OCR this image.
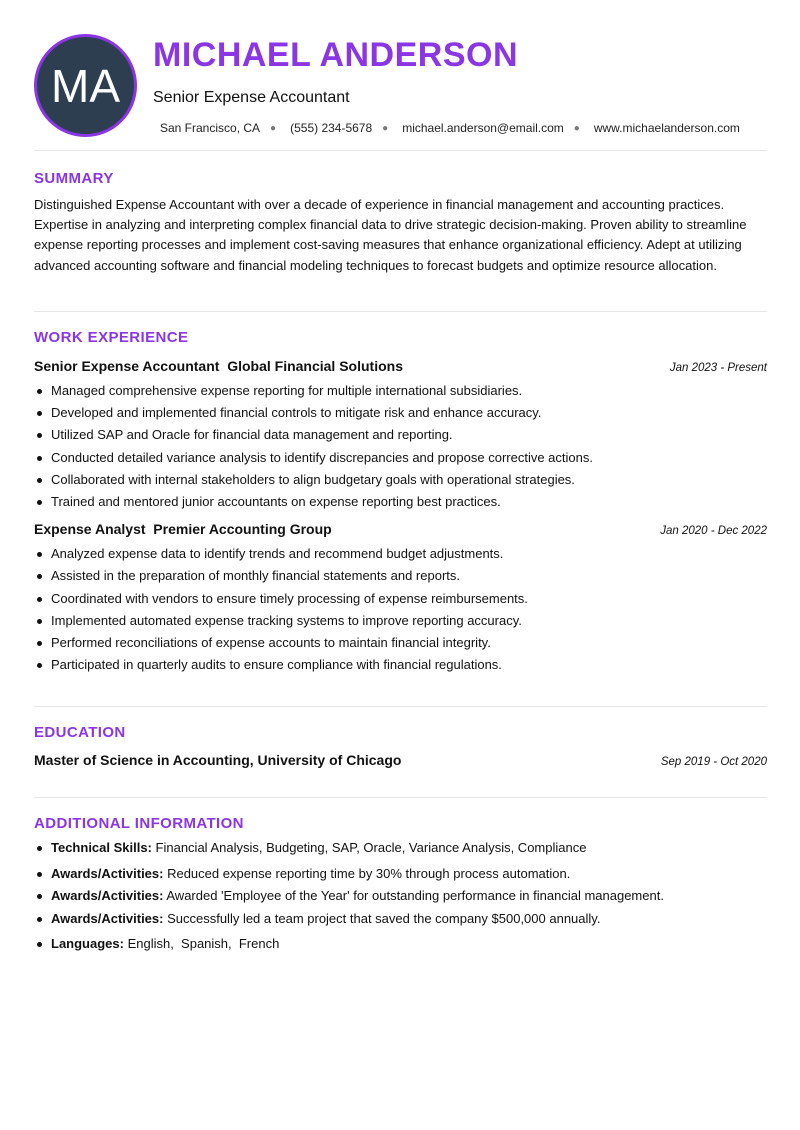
MA
MICHAEL ANDERSON
Senior Expense Accountant
San Francisco, CA ● (555) 234-5678 ● michael.anderson@email.com ● www.michaelanderson.com
SUMMARY

Distinguished Expense Accountant with over a decade of experience in financial management and accounting practices. Expertise in analyzing and interpreting complex financial data to drive strategic decision-making. Proven ability to streamline expense reporting processes and implement cost-saving measures that enhance organizational efficiency. Adept at utilizing advanced accounting software and financial modeling techniques to forecast budgets and optimize resource allocation.

WORK EXPERIENCE
Senior Expense Accountant  Global Financial Solutions	Jan 2023 - Present
Managed comprehensive expense reporting for multiple international subsidiaries.
Developed and implemented financial controls to mitigate risk and enhance accuracy.
Utilized SAP and Oracle for financial data management and reporting.
Conducted detailed variance analysis to identify discrepancies and propose corrective actions.
Collaborated with internal stakeholders to align budgetary goals with operational strategies.
Trained and mentored junior accountants on expense reporting best practices.
Expense Analyst  Premier Accounting Group	Jan 2020 - Dec 2022
Analyzed expense data to identify trends and recommend budget adjustments.
Assisted in the preparation of monthly financial statements and reports.
Coordinated with vendors to ensure timely processing of expense reimbursements.
Implemented automated expense tracking systems to improve reporting accuracy.
Performed reconciliations of expense accounts to maintain financial integrity.
Participated in quarterly audits to ensure compliance with financial regulations.
EDUCATION
Master of Science in Accounting, University of Chicago	Sep 2019 - Oct 2020
ADDITIONAL INFORMATION
Technical Skills: Financial Analysis, Budgeting, SAP, Oracle, Variance Analysis, Compliance
Awards/Activities: Reduced expense reporting time by 30% through process automation.
Awards/Activities: Awarded 'Employee of the Year' for outstanding performance in financial management.
Awards/Activities: Successfully led a team project that saved the company $500,000 annually.
Languages: English,  Spanish,  French
